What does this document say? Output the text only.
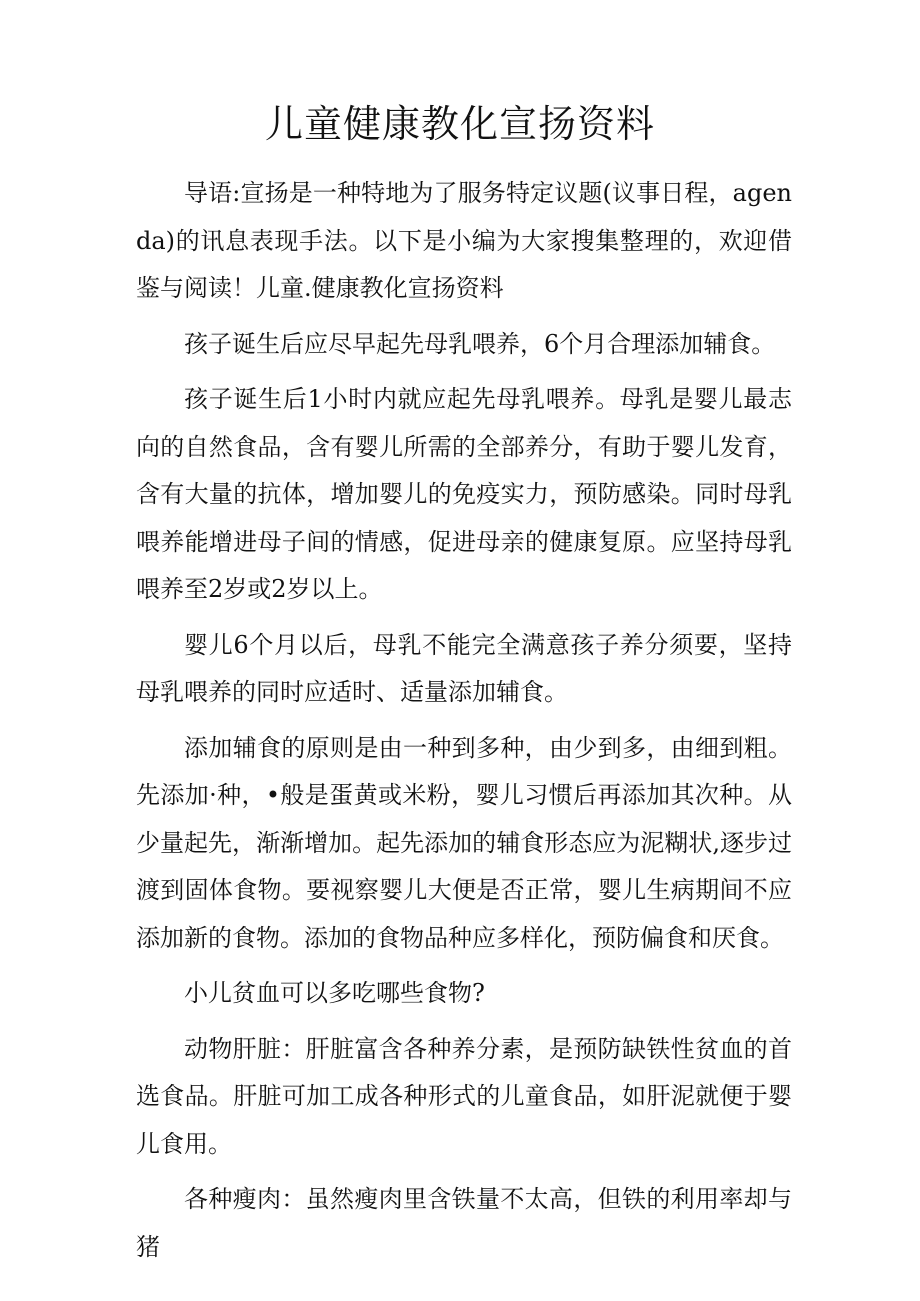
儿童健康教化宣扬资料

导语:宣扬是一种特地为了服务特定议题(议事日程，agenda)的讯息表现手法。以下是小编为大家搜集整理的，欢迎借鉴与阅读！儿童.健康教化宣扬资料

孩子诞生后应尽早起先母乳喂养，6个月合理添加辅食。

孩子诞生后1小时内就应起先母乳喂养。母乳是婴儿最志向的自然食品，含有婴儿所需的全部养分，有助于婴儿发育，含有大量的抗体，增加婴儿的免疫实力，预防感染。同时母乳喂养能增进母子间的情感，促进母亲的健康复原。应坚持母乳喂养至2岁或2岁以上。

婴儿6个月以后，母乳不能完全满意孩子养分须要，坚持母乳喂养的同时应适时、适量添加辅食。

添加辅食的原则是由一种到多种，由少到多，由细到粗。先添加·种，•般是蛋黄或米粉，婴儿习惯后再添加其次种。从少量起先，渐渐增加。起先添加的辅食形态应为泥糊状,逐步过渡到固体食物。要视察婴儿大便是否正常，婴儿生病期间不应添加新的食物。添加的食物品种应多样化，预防偏食和厌食。

小儿贫血可以多吃哪些食物?

动物肝脏：肝脏富含各种养分素，是预防缺铁性贫血的首选食品。肝脏可加工成各种形式的儿童食品，如肝泥就便于婴儿食用。

各种瘦肉：虽然瘦肉里含铁量不太高，但铁的利用率却与猪
